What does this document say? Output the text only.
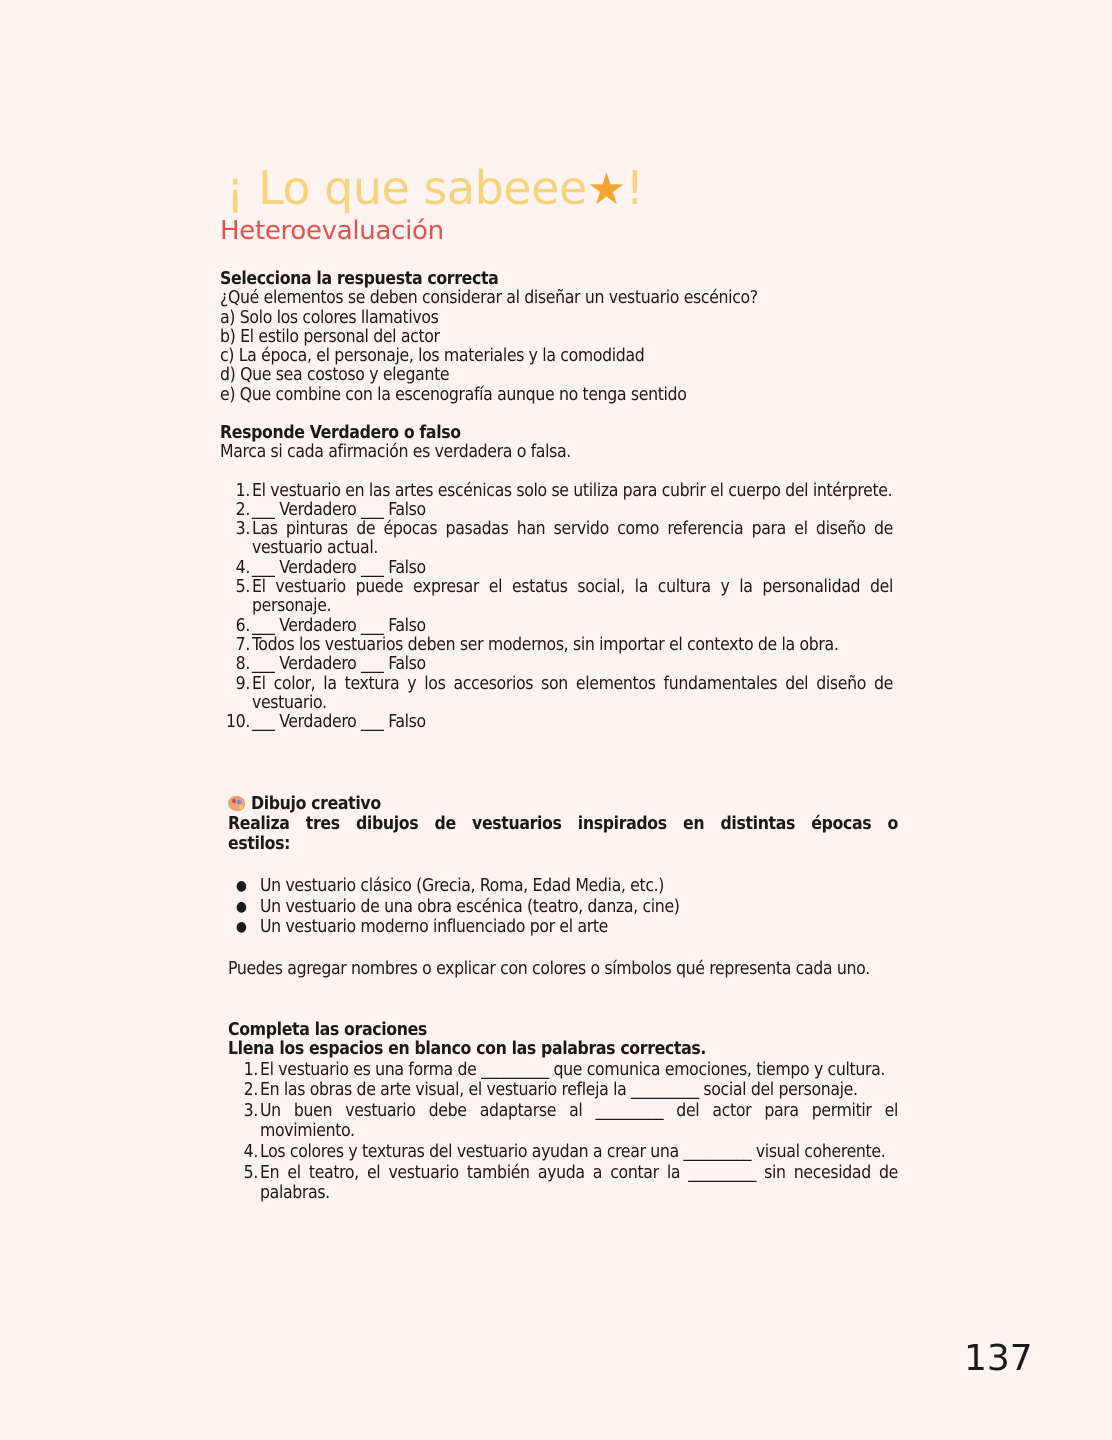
¡ Lo que sabeee★!
Heteroevaluación
Selecciona la respuesta correcta
¿Qué elementos se deben considerar al diseñar un vestuario escénico?
a) Solo los colores llamativos
b) El estilo personal del actor
c) La época, el personaje, los materiales y la comodidad
d) Que sea costoso y elegante
e) Que combine con la escenografía aunque no tenga sentido
Responde Verdadero o falso
Marca si cada afirmación es verdadera o falsa.
1. El vestuario en las artes escénicas solo se utiliza para cubrir el cuerpo del intérprete.
2. ___ Verdadero ___ Falso
3. Las pinturas de épocas pasadas han servido como referencia para el diseño de vestuario actual.
4. ___ Verdadero ___ Falso
5. El vestuario puede expresar el estatus social, la cultura y la personalidad del personaje.
6. ___ Verdadero ___ Falso
7. Todos los vestuarios deben ser modernos, sin importar el contexto de la obra.
8. ___ Verdadero ___ Falso
9. El color, la textura y los accesorios son elementos fundamentales del diseño de vestuario.
10. ___ Verdadero ___ Falso
Dibujo creativo
Realiza tres dibujos de vestuarios inspirados en distintas épocas o estilos:
● Un vestuario clásico (Grecia, Roma, Edad Media, etc.)
● Un vestuario de una obra escénica (teatro, danza, cine)
● Un vestuario moderno influenciado por el arte
Puedes agregar nombres o explicar con colores o símbolos qué representa cada uno.
Completa las oraciones
Llena los espacios en blanco con las palabras correctas.
1. El vestuario es una forma de _________ que comunica emociones, tiempo y cultura.
2. En las obras de arte visual, el vestuario refleja la _________ social del personaje.
3. Un buen vestuario debe adaptarse al _________ del actor para permitir el movimiento.
4. Los colores y texturas del vestuario ayudan a crear una _________ visual coherente.
5. En el teatro, el vestuario también ayuda a contar la _________ sin necesidad de palabras.
137
